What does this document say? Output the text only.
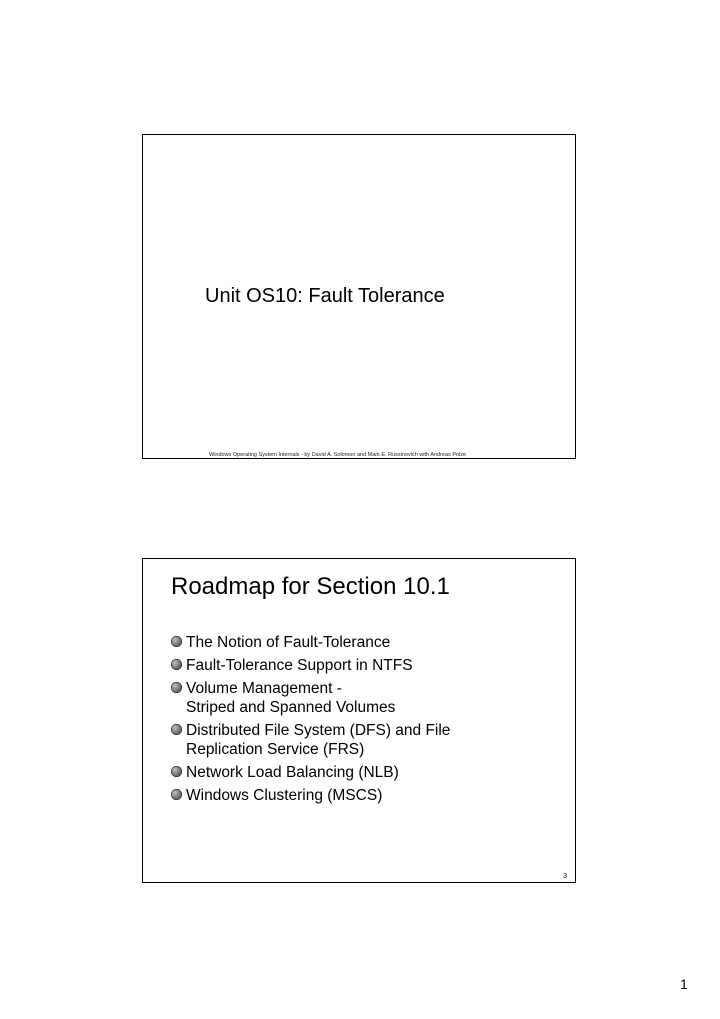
Unit OS10: Fault Tolerance
Windows Operating System Internals - by David A. Solomon and Mark E. Russinovich with Andreas Polze
Roadmap for Section 10.1
The Notion of Fault-Tolerance
Fault-Tolerance Support in NTFS
Volume Management -
Striped and Spanned Volumes
Distributed File System (DFS) and File
Replication Service (FRS)
Network Load Balancing (NLB)
Windows Clustering (MSCS)
3
1
